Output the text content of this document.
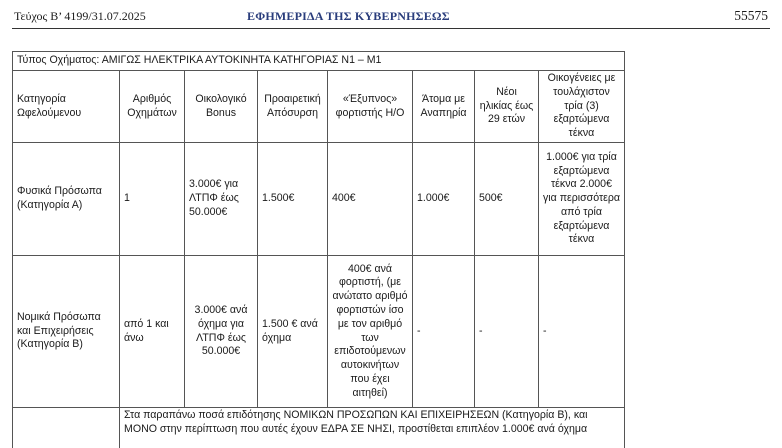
Τεύχος Β’ 4199/31.07.2025	ΕΦΗΜΕΡΙΔΑ ΤΗΣ ΚΥΒΕΡΝΗΣΕΩΣ	55575
Τύπος Οχήματος: ΑΜΙΓΩΣ ΗΛΕΚΤΡΙΚΑ ΑΥΤΟΚΙΝΗΤΑ ΚΑΤΗΓΟΡΙΑΣ Ν1 – Μ1							
Κατηγορία Ωφελούμενου	Αριθμός Οχημάτων	Οικολογικό Bonus	Προαιρετική Απόσυρση	«Έξυπνος» φορτιστής Η/Ο	Άτομα με Αναπηρία	Νέοι ηλικίας έως 29 ετών	Οικογένειες με τουλάχιστον τρία (3) εξαρτώμενα τέκνα
Φυσικά Πρόσωπα (Κατηγορία Α)	1	3.000€ για ΛΤΠΦ έως 50.000€	1.500€	400€	1.000€	500€	1.000€ για τρία εξαρτώμενα τέκνα 2.000€ για περισσότερα από τρία εξαρτώμενα τέκνα
Νομικά Πρόσωπα και Επιχειρήσεις (Κατηγορία Β)	από 1 και άνω	3.000€ ανά όχημα για ΛΤΠΦ έως 50.000€	1.500 € ανά όχημα	400€ ανά φορτιστή, (με ανώτατο αριθμό φορτιστών ίσο με τον αριθμό των επιδοτούμενων αυτοκινήτων που έχει αιτηθεί)	-	-	-

	Στα παραπάνω ποσά επιδότησης ΝΟΜΙΚΩΝ ΠΡΟΣΩΠΩΝ ΚΑΙ ΕΠΙΧΕΙΡΗΣΕΩΝ (Κατηγορία Β), και
ΜΟΝΟ στην περίπτωση που αυτές έχουν ΕΔΡΑ ΣΕ ΝΗΣΙ, προστίθεται επιπλέον 1.000€ ανά όχημα						
